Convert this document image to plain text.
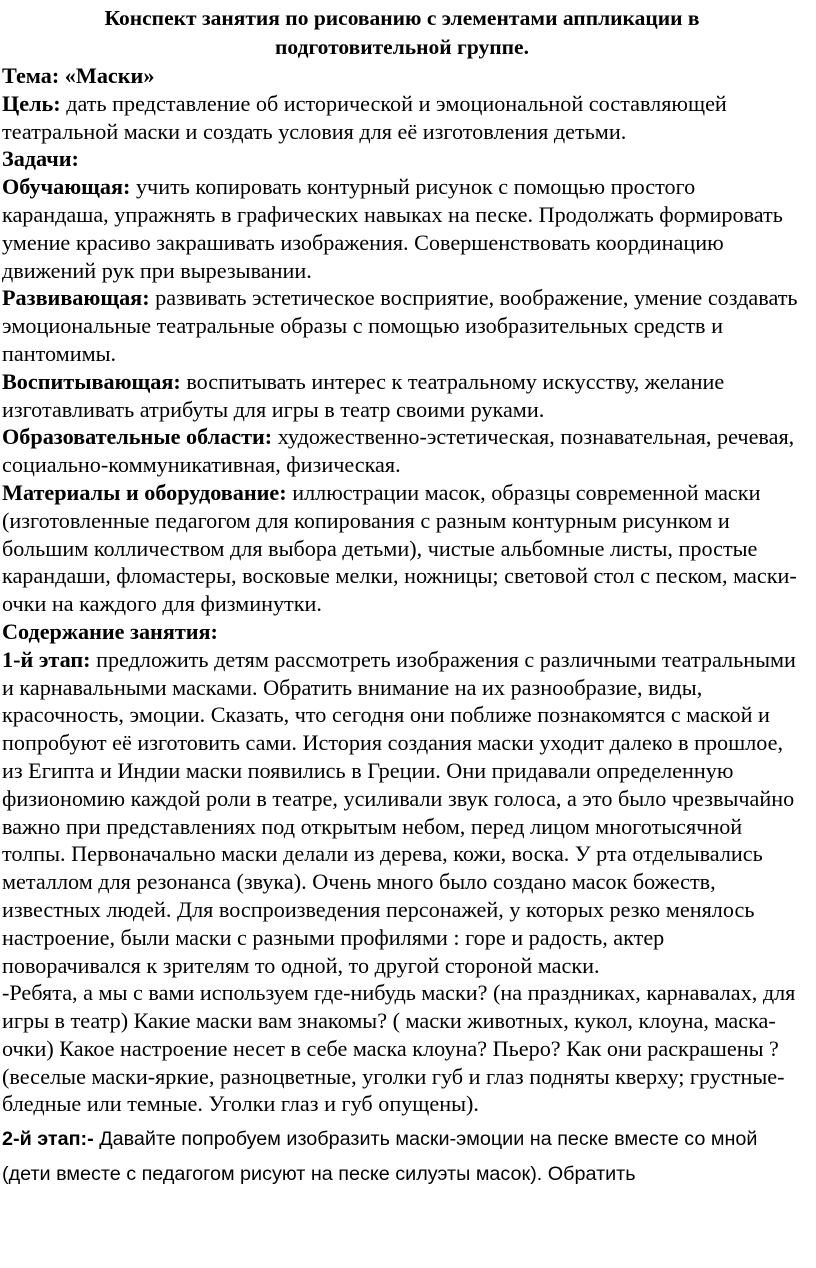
Конспект занятия по рисованию с элементами аппликации в
подготовительной группе.

Тема: «Маски»

Цель: дать представление об исторической и эмоциональной составляющей театральной маски и создать условия для её изготовления детьми.

Задачи:

Обучающая: учить копировать контурный рисунок с помощью простого карандаша, упражнять в графических навыках на песке. Продолжать формировать умение красиво закрашивать изображения. Совершенствовать координацию движений рук при вырезывании.

Развивающая: развивать эстетическое восприятие, воображение, умение создавать эмоциональные театральные образы с помощью изобразительных средств и пантомимы.

Воспитывающая: воспитывать интерес к театральному искусству, желание изготавливать атрибуты для игры в театр своими руками.

Образовательные области: художественно-эстетическая, познавательная, речевая, социально-коммуникативная, физическая.

Материалы и оборудование: иллюстрации масок, образцы современной маски (изготовленные педагогом для копирования с разным контурным рисунком и большим колличеством для выбора детьми), чистые альбомные листы, простые карандаши, фломастеры, восковые мелки, ножницы; световой стол с песком, маски-очки на каждого для физминутки.

Содержание занятия:

1-й этап: предложить детям рассмотреть изображения с различными театральными и карнавальными масками. Обратить внимание на их разнообразие, виды, красочность, эмоции. Сказать, что сегодня они поближе познакомятся с маской и попробуют её изготовить сами. История создания маски уходит далеко в прошлое, из Египта и Индии маски появились в Греции. Они придавали определенную физиономию каждой роли в театре, усиливали звук голоса, а это было чрезвычайно важно при представлениях под открытым небом, перед лицом многотысячной толпы. Первоначально маски делали из дерева, кожи, воска. У рта отделывались металлом для резонанса (звука). Очень много было создано масок божеств, известных людей. Для воспроизведения персонажей, у которых резко менялось настроение, были маски с разными профилями : горе и радость, актер поворачивался к зрителям то одной, то другой стороной маски.

-Ребята, а мы с вами используем где-нибудь маски? (на праздниках, карнавалах, для игры в театр) Какие маски вам знакомы? ( маски животных, кукол, клоуна, маска-очки) Какое настроение несет в себе маска клоуна? Пьеро? Как они раскрашены ? (веселые маски-яркие, разноцветные, уголки губ и глаз подняты кверху; грустные-бледные или темные. Уголки глаз и губ опущены).

2-й этап:- Давайте попробуем изобразить маски-эмоции на песке вместе со мной (дети вместе с педагогом рисуют на песке силуэты масок). Обратить
